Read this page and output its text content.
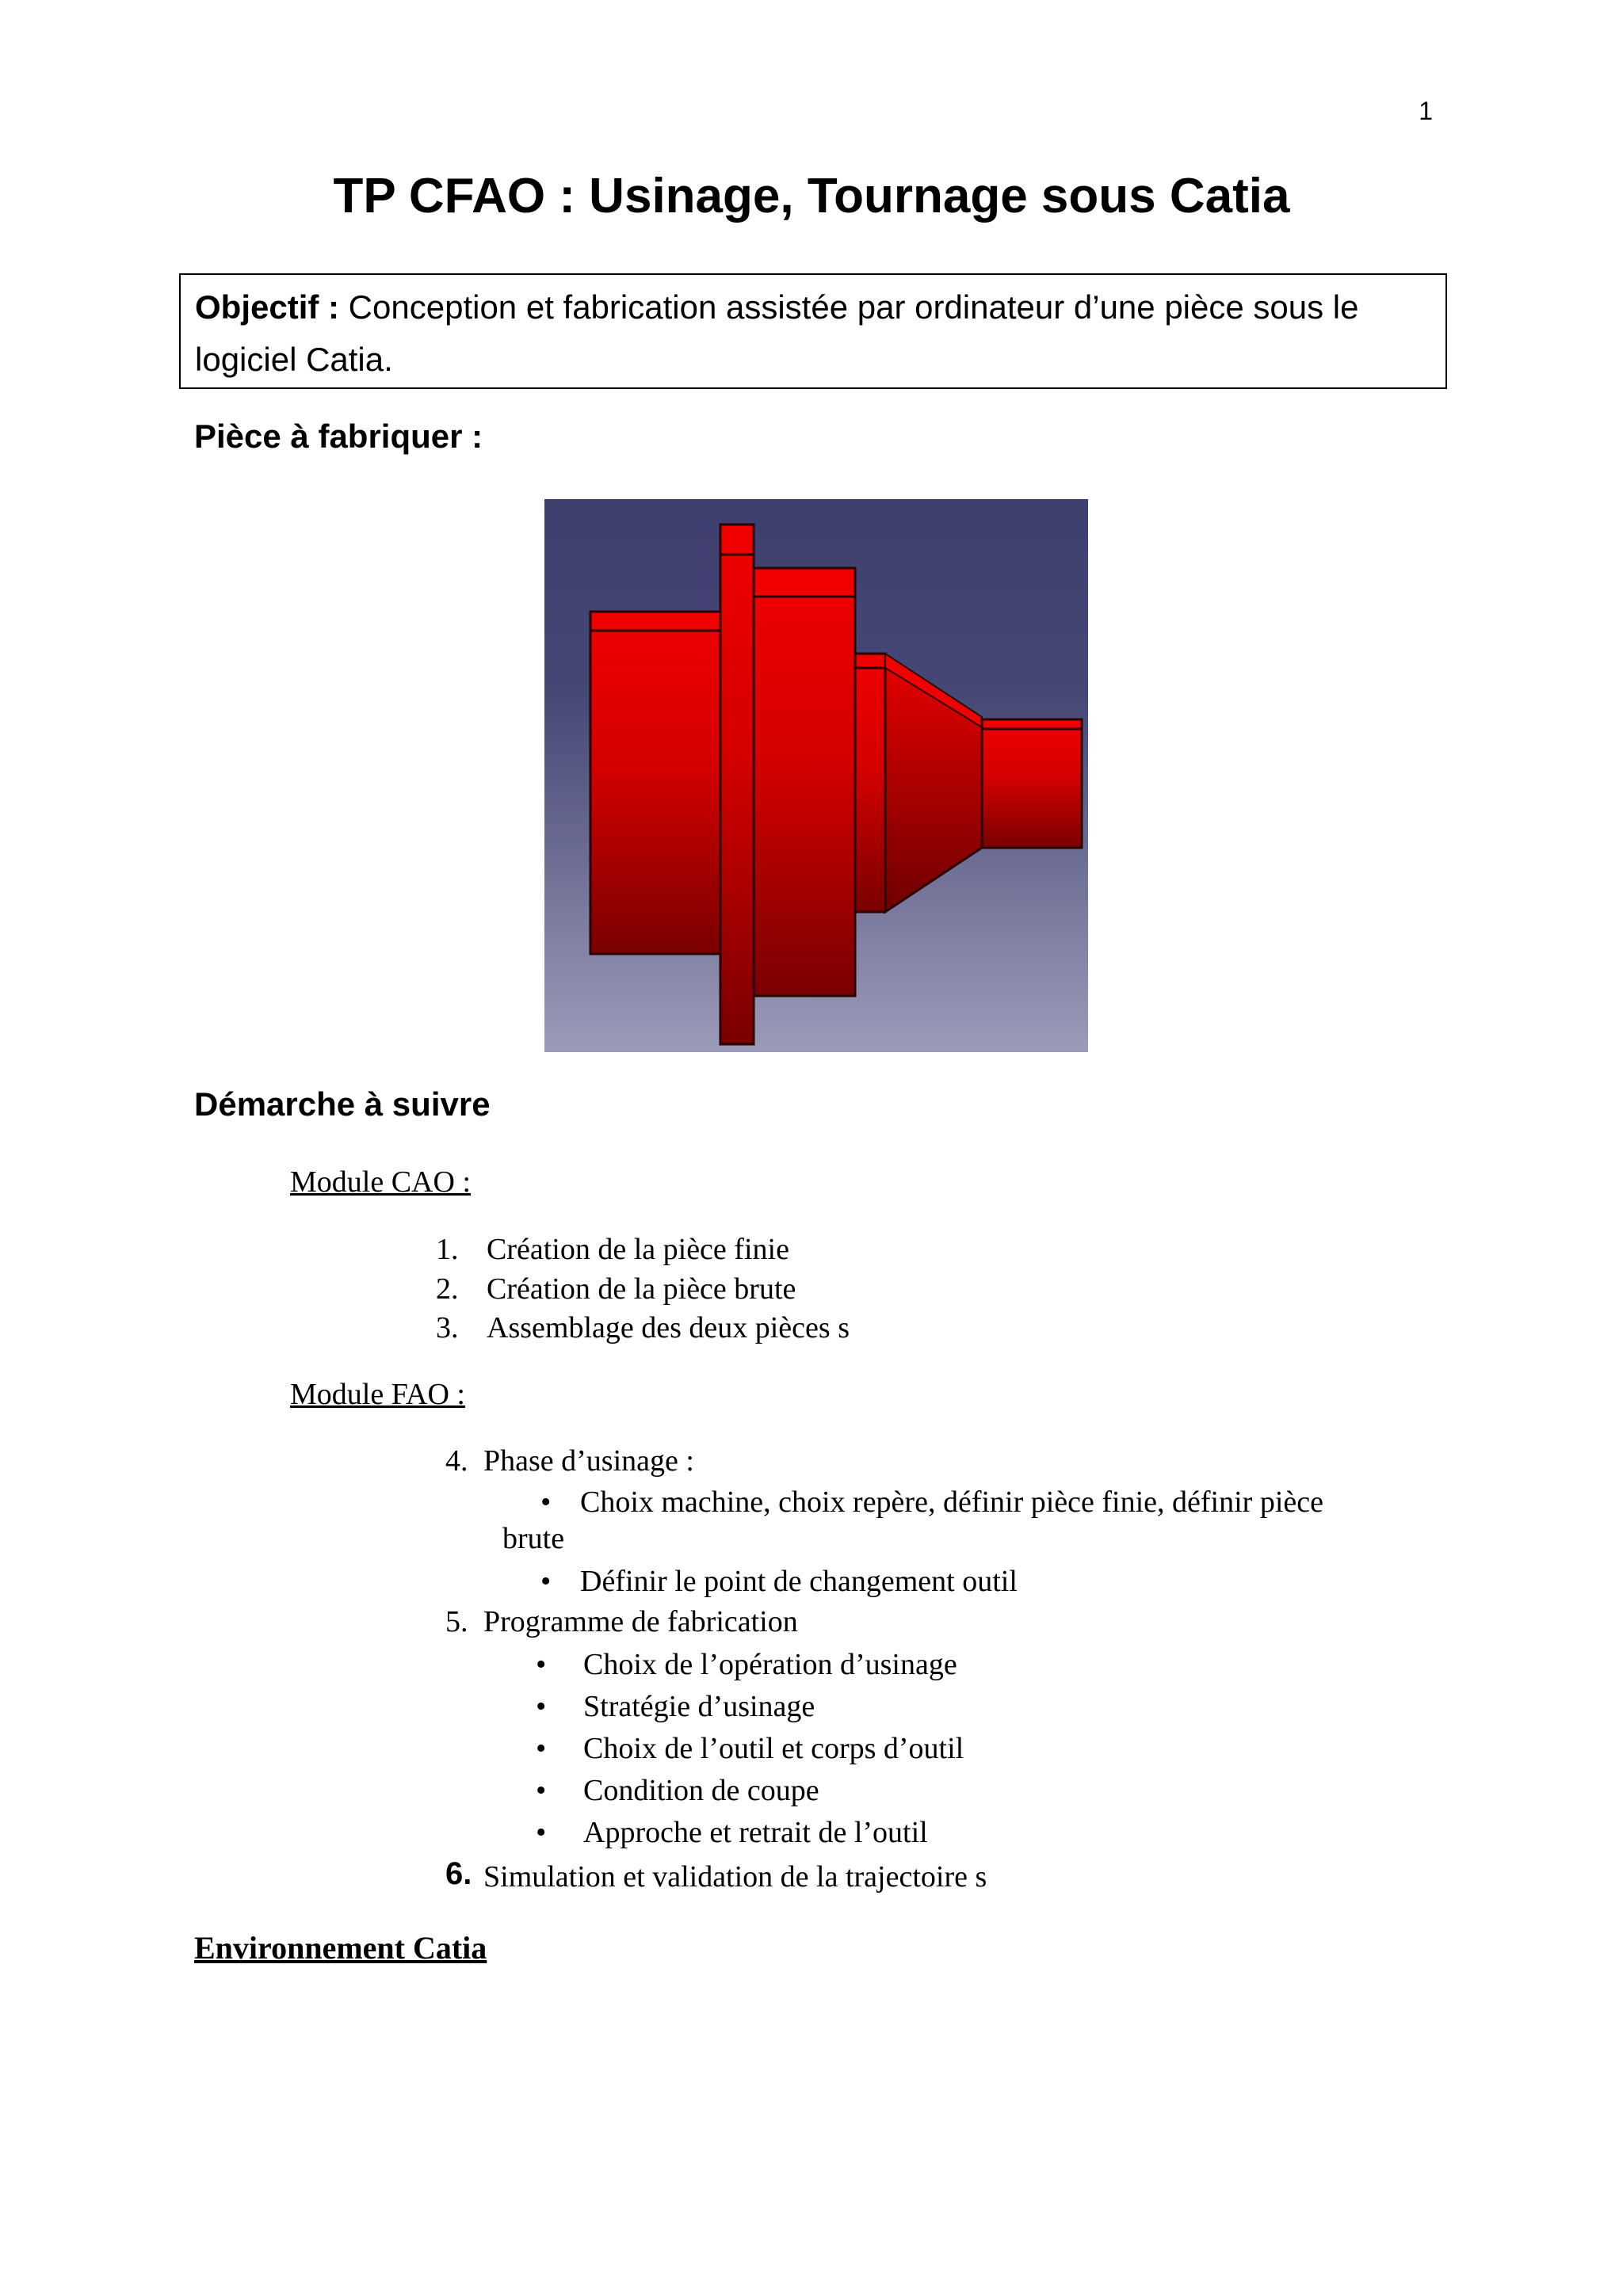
1
TP CFAO : Usinage, Tournage sous Catia
Objectif : Conception et fabrication assistée par ordinateur d’une pièce sous le logiciel Catia.
Pièce à fabriquer :
Démarche à suivre
Module CAO :
1. Création de la pièce finie
2. Création de la pièce brute
3. Assemblage des deux pièces s
Module FAO :
4. Phase d’usinage :
• Choix machine, choix repère, définir pièce finie, définir pièce
brute
• Définir le point de changement outil
5. Programme de fabrication
• Choix de l’opération d’usinage
• Stratégie d’usinage
• Choix de l’outil et corps d’outil
• Condition de coupe
• Approche et retrait de l’outil
6. Simulation et validation de la trajectoire s
Environnement Catia
